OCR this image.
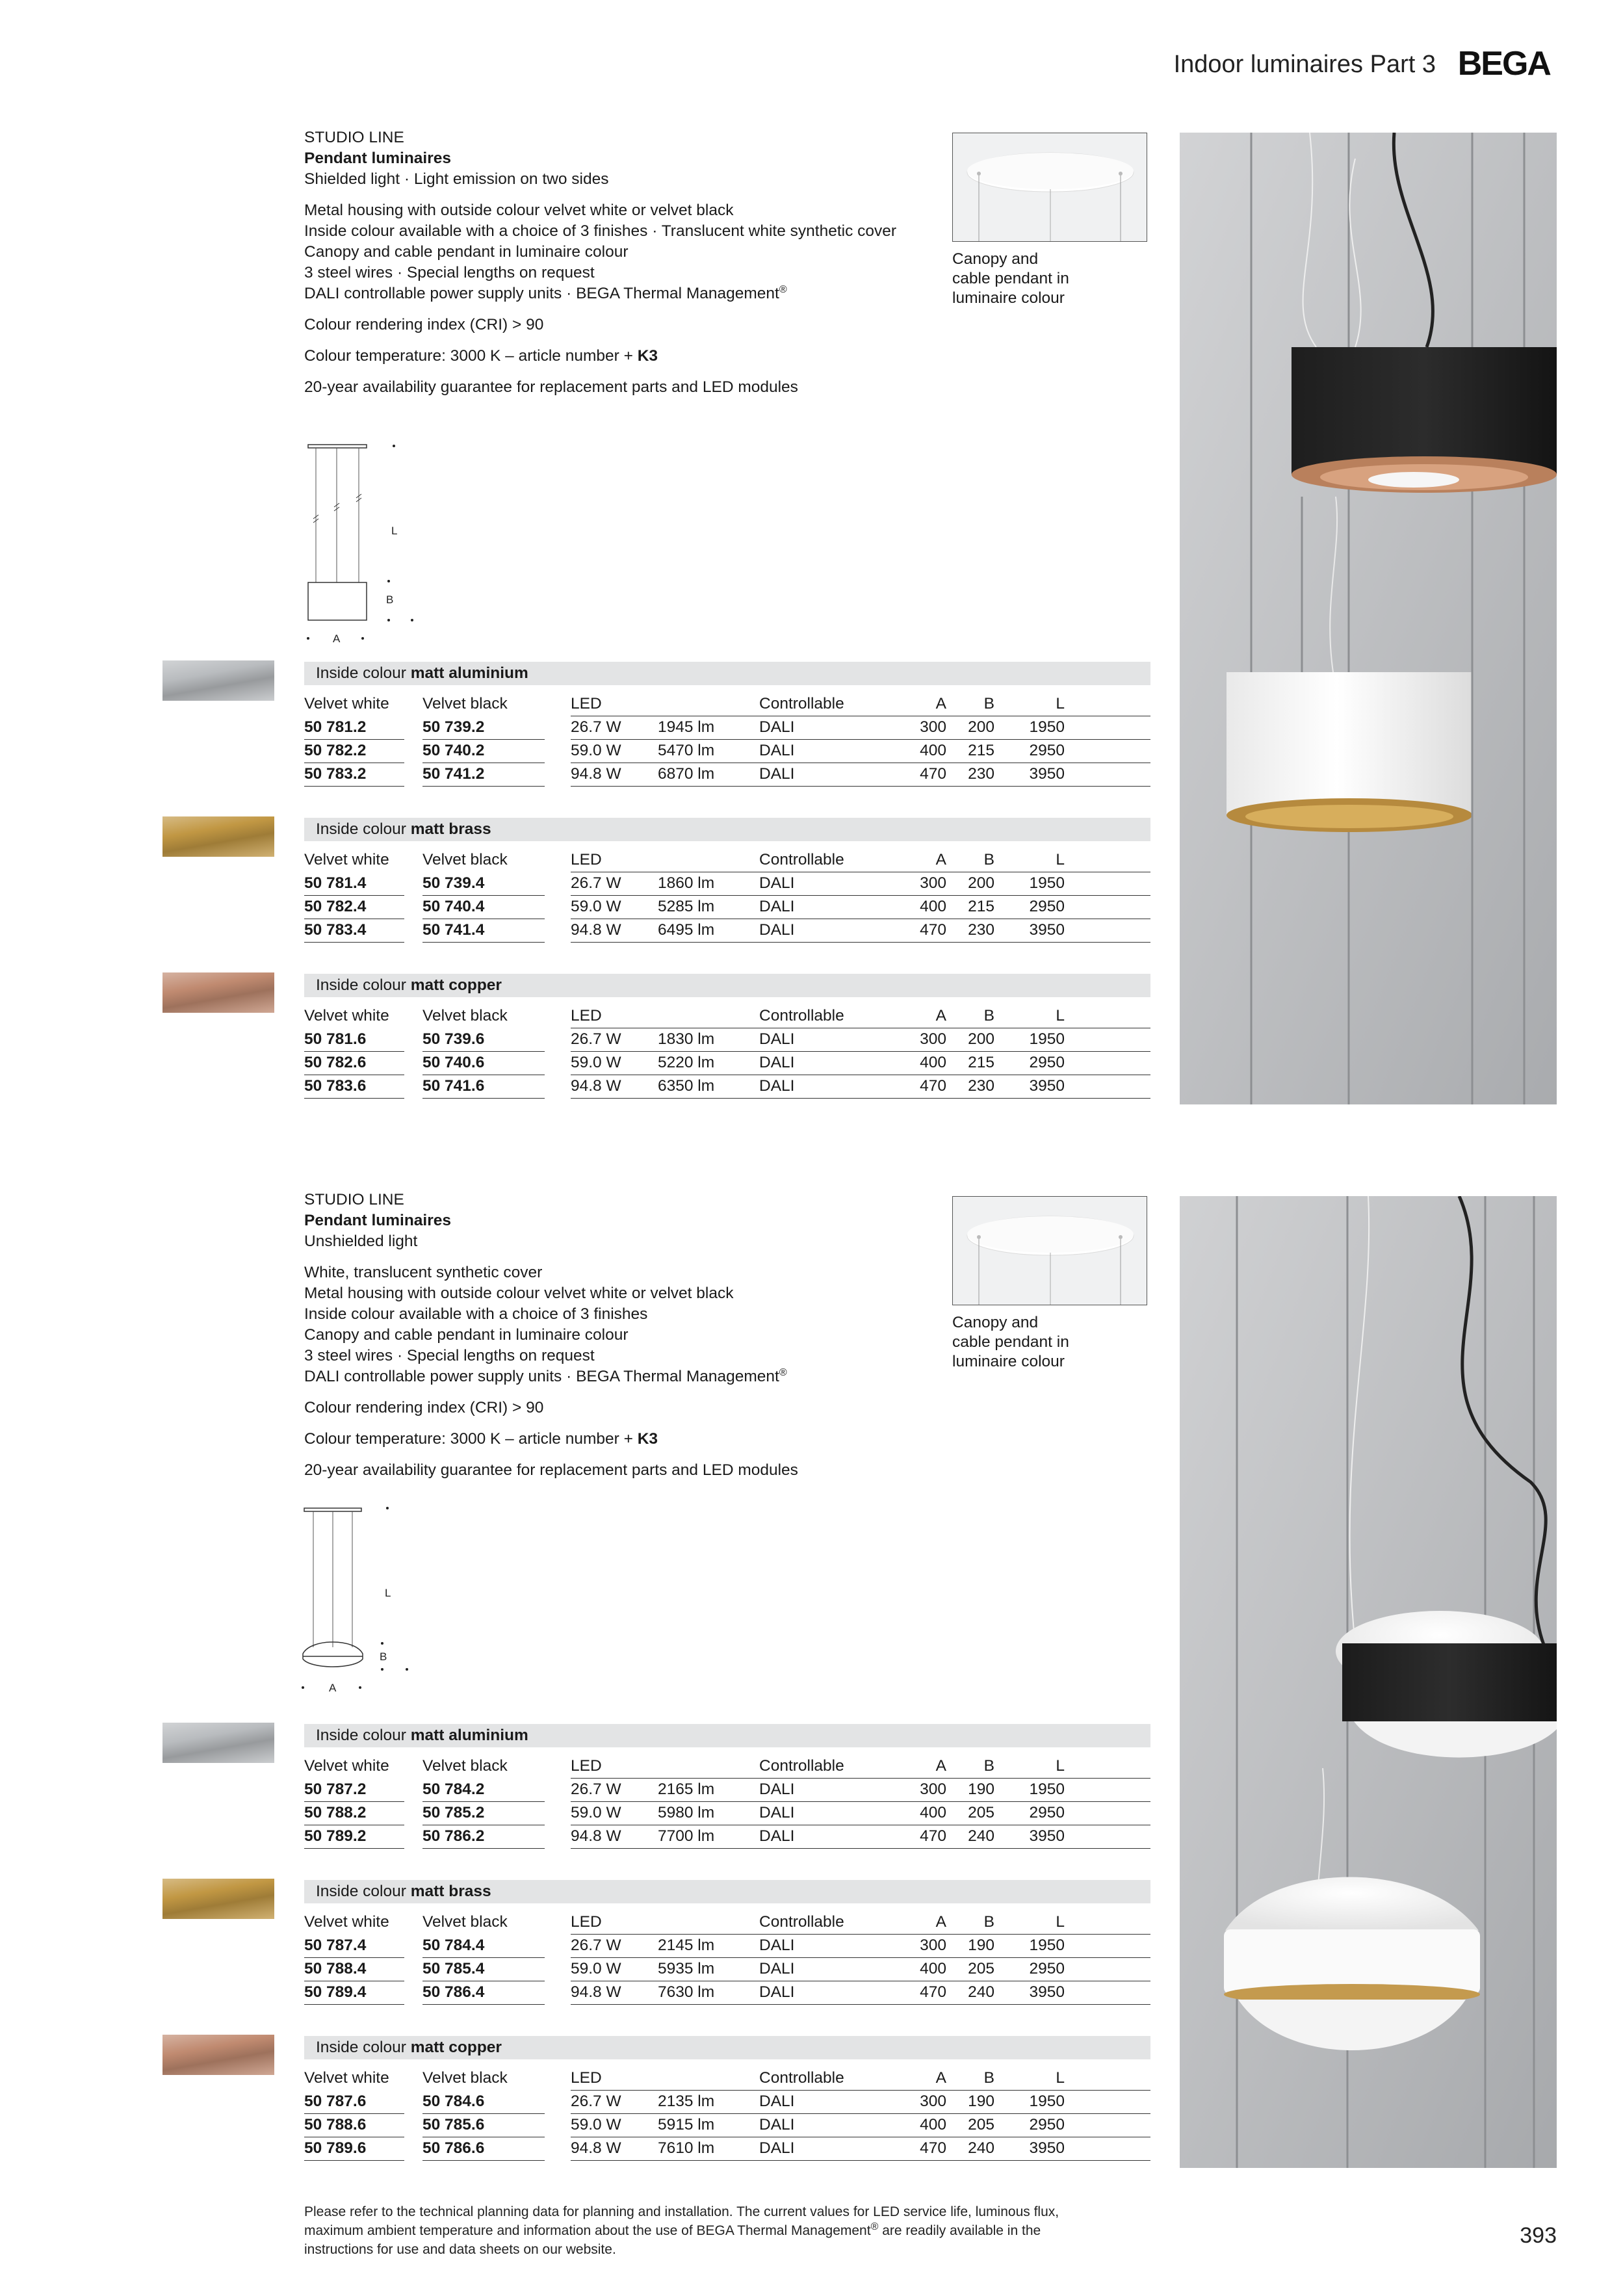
Indoor luminaires Part 3 BEGA

STUDIO LINE

Pendant luminaires

Shielded light · Light emission on two sides

Metal housing with outside colour velvet white or velvet black

Inside colour available with a choice of 3 finishes · Translucent white synthetic cover

Canopy and cable pendant in luminaire colour

3 steel wires · Special lengths on request

DALI controllable power supply units · BEGA Thermal Management®

Colour rendering index (CRI) > 90

Colour temperature: 3000 K – article number + K3

20-year availability guarantee for replacement parts and LED modules

Canopy and
cable pendant in
luminaire colour
L
B
A
Inside colour matt aluminium
Velvet white Velvet black	LED	Controllable	A B	L
50 781.2	50 739.2	26.7 W 1945 lm	DALI	300 200 1950
50 782.2	50 740.2	59.0 W 5470 lm	DALI	400 215 2950
50 783.2	50 741.2	94.8 W 6870 lm	DALI	470 230 3950
Inside colour matt brass
Velvet white Velvet black	LED	Controllable	A B	L
50 781.4	50 739.4	26.7 W 1860 lm	DALI	300 200 1950
50 782.4	50 740.4	59.0 W 5285 lm	DALI	400 215 2950
50 783.4	50 741.4	94.8 W 6495 lm	DALI	470 230 3950
Inside colour matt copper
Velvet white Velvet black	LED	Controllable	A B	L
50 781.6	50 739.6	26.7 W 1830 lm	DALI	300 200 1950
50 782.6	50 740.6	59.0 W 5220 lm	DALI	400 215 2950
50 783.6	50 741.6	94.8 W 6350 lm	DALI	470 230 3950

STUDIO LINE

Pendant luminaires

Unshielded light

White, translucent synthetic cover

Metal housing with outside colour velvet white or velvet black

Inside colour available with a choice of 3 finishes

Canopy and cable pendant in luminaire colour

3 steel wires · Special lengths on request

DALI controllable power supply units · BEGA Thermal Management®

Colour rendering index (CRI) > 90

Colour temperature: 3000 K – article number + K3

20-year availability guarantee for replacement parts and LED modules

Canopy and
cable pendant in
luminaire colour
L
B
A
Inside colour matt aluminium
Velvet white Velvet black	LED	Controllable	A B	L
50 787.2	50 784.2	26.7 W 2165 lm	DALI	300 190 1950
50 788.2	50 785.2	59.0 W 5980 lm	DALI	400 205 2950
50 789.2	50 786.2	94.8 W 7700 lm	DALI	470 240 3950
Inside colour matt brass
Velvet white Velvet black	LED	Controllable	A B	L
50 787.4	50 784.4	26.7 W 2145 lm	DALI	300 190 1950
50 788.4	50 785.4	59.0 W 5935 lm	DALI	400 205 2950
50 789.4	50 786.4	94.8 W 7630 lm	DALI	470 240 3950
Inside colour matt copper
Velvet white Velvet black	LED	Controllable	A B	L
50 787.6	50 784.6	26.7 W 2135 lm	DALI	300 190 1950
50 788.6	50 785.6	59.0 W 5915 lm	DALI	400 205 2950
50 789.6	50 786.6	94.8 W 7610 lm	DALI	470 240 3950
Please refer to the technical planning data for planning and installation. The current values for LED service life, luminous flux,
maximum ambient temperature and information about the use of BEGA Thermal Management® are readily available in the
instructions for use and data sheets on our website.
393
